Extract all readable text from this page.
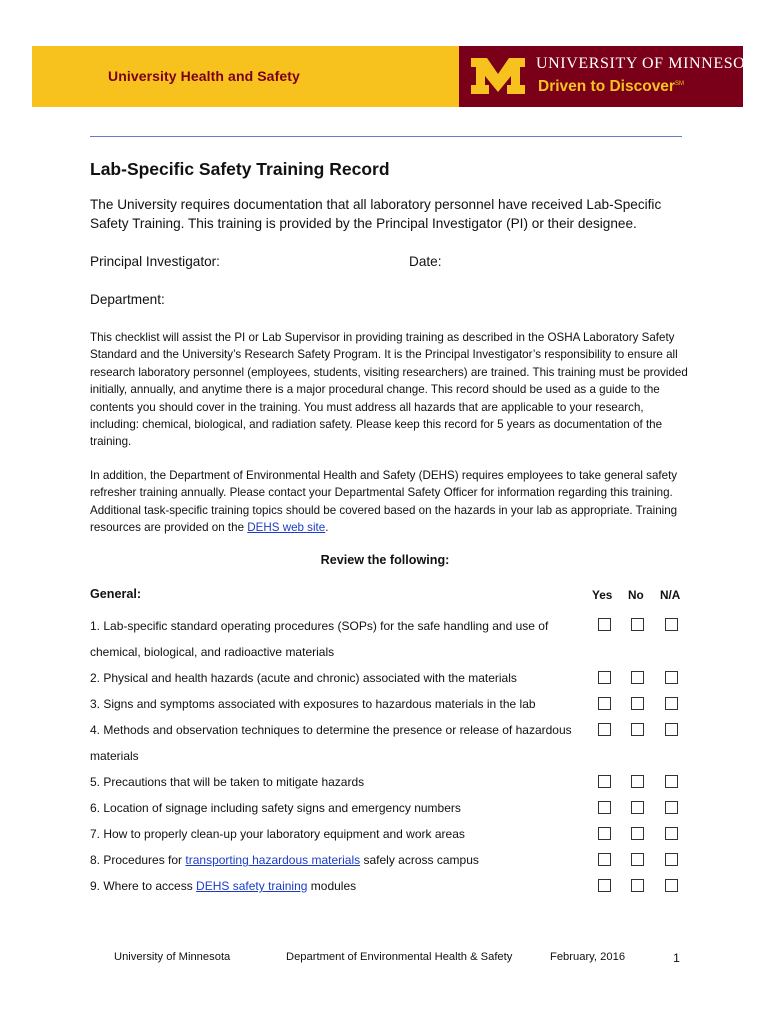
University Health and Safety
UNIVERSITY OF MINNESOTA
Driven to Discover℠
Lab-Specific Safety Training Record

The University requires documentation that all laboratory personnel have received Lab-Specific Safety Training. This training is provided by the Principal Investigator (PI) or their designee.

Principal Investigator:	Date:
Department:

This checklist will assist the PI or Lab Supervisor in providing training as described in the OSHA Laboratory Safety Standard and the University’s Research Safety Program. It is the Principal Investigator’s responsibility to ensure all research laboratory personnel (employees, students, visiting researchers) are trained. This training must be provided initially, annually, and anytime there is a major procedural change. This record should be used as a guide to the contents you should cover in the training. You must address all hazards that are applicable to your research, including: chemical, biological, and radiation safety. Please keep this record for 5 years as documentation of the training.

In addition, the Department of Environmental Health and Safety (DEHS) requires employees to take general safety refresher training annually. Please contact your Departmental Safety Officer for information regarding this training. Additional task-specific training topics should be covered based on the hazards in your lab as appropriate. Training resources are provided on the DEHS web site.

Review the following:
General:	Yes No N/A
1. Lab-specific standard operating procedures (SOPs) for the safe handling and use of chemical, biological, and radioactive materials
2. Physical and health hazards (acute and chronic) associated with the materials
3. Signs and symptoms associated with exposures to hazardous materials in the lab
4. Methods and observation techniques to determine the presence or release of hazardous materials
5. Precautions that will be taken to mitigate hazards
6. Location of signage including safety signs and emergency numbers
7. How to properly clean-up your laboratory equipment and work areas
8. Procedures for transporting hazardous materials safely across campus
9. Where to access DEHS safety training modules
University of Minnesota	Department of Environmental Health & Safety	February, 2016	1
